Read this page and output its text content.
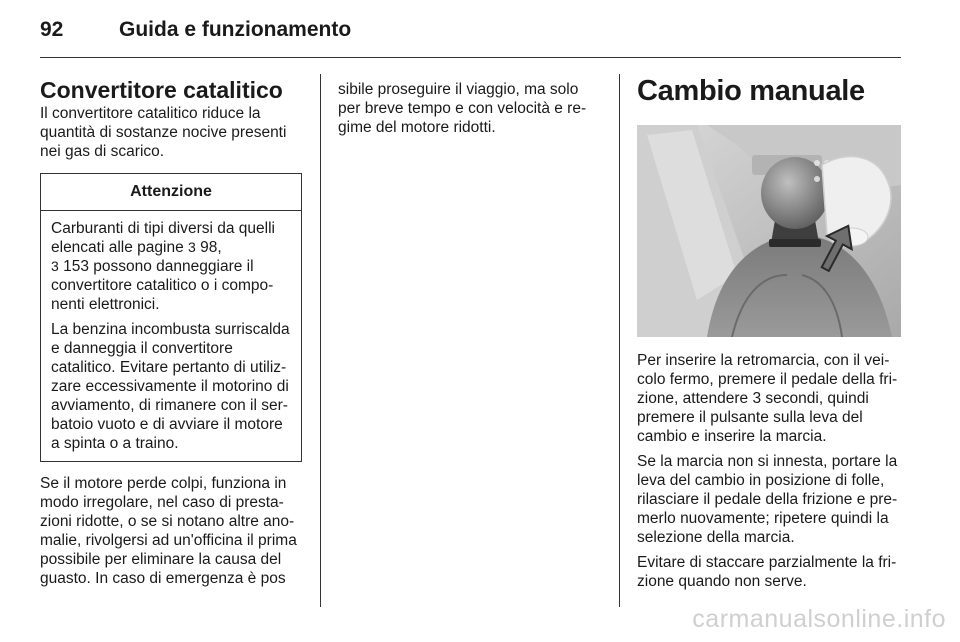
92	Guida e funzionamento
Convertitore catalitico

Il convertitore catalitico riduce la quantità di sostanze nocive presenti nei gas di scarico.

Attenzione

Carburanti di tipi diversi da quelli elencati alle pagine 3 98,
3 153 possono danneggiare il convertitore catalitico o i componenti elettronici.

La benzina incombusta surriscalda e danneggia il convertitore catalitico. Evitare pertanto di utilizzare eccessivamente il motorino di avviamento, di rimanere con il serbatoio vuoto e di avviare il motore a spinta o a traino.

Se il motore perde colpi, funziona in modo irregolare, nel caso di prestazioni ridotte, o se si notano altre anomalie, rivolgersi ad un'officina il prima possibile per eliminare la causa del guasto. In caso di emergenza è pos

sibile proseguire il viaggio, ma solo per breve tempo e con velocità e regime del motore ridotti.

Cambio manuale

Per inserire la retromarcia, con il veicolo fermo, premere il pedale della frizione, attendere 3 secondi, quindi premere il pulsante sulla leva del cambio e inserire la marcia.

Se la marcia non si innesta, portare la leva del cambio in posizione di folle, rilasciare il pedale della frizione e premerlo nuovamente; ripetere quindi la selezione della marcia.

Evitare di staccare parzialmente la frizione quando non serve.

carmanualsonline.info
